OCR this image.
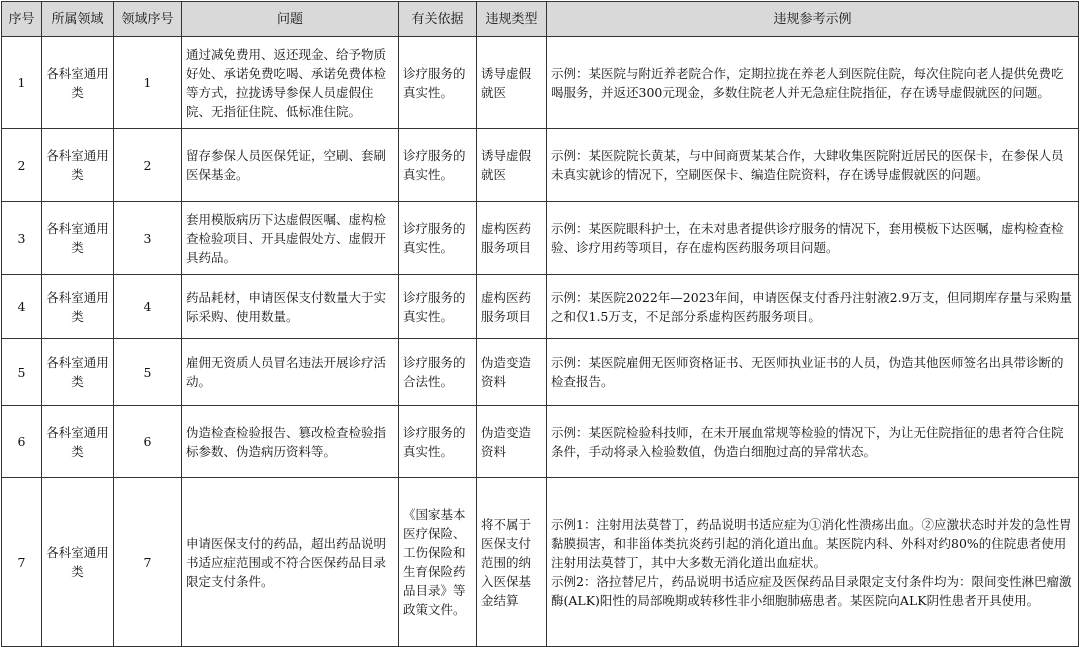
序号	所属领域	领域序号	问题	有关依据	违规类型	违规参考示例
1	各科室通用类	1	通过减免费用、返还现金、给予物质好处、承诺免费吃喝、承诺免费体检等方式，拉拢诱导参保人员虚假住院、无指征住院、低标准住院。	诊疗服务的真实性。	诱导虚假就医	示例：某医院与附近养老院合作，定期拉拢在养老人到医院住院，每次住院向老人提供免费吃喝服务，并返还300元现金，多数住院老人并无急症住院指征，存在诱导虚假就医的问题。
2	各科室通用类	2	留存参保人员医保凭证，空刷、套刷医保基金。	诊疗服务的真实性。	诱导虚假就医	示例：某医院院长黄某，与中间商贾某某合作，大肆收集医院附近居民的医保卡，在参保人员未真实就诊的情况下，空刷医保卡、编造住院资料，存在诱导虚假就医的问题。
3	各科室通用类	3	套用模版病历下达虚假医嘱、虚构检查检验项目、开具虚假处方、虚假开具药品。	诊疗服务的真实性。	虚构医药服务项目	示例：某医院眼科护士，在未对患者提供诊疗服务的情况下，套用模板下达医嘱，虚构检查检验、诊疗用药等项目，存在虚构医药服务项目问题。
4	各科室通用类	4	药品耗材，申请医保支付数量大于实际采购、使用数量。	诊疗服务的真实性。	虚构医药服务项目	示例：某医院2022年—2023年间，申请医保支付香丹注射液2.9万支，但同期库存量与采购量之和仅1.5万支，不足部分系虚构医药服务项目。
5	各科室通用类	5	雇佣无资质人员冒名违法开展诊疗活动。	诊疗服务的合法性。	伪造变造资料	示例：某医院雇佣无医师资格证书、无医师执业证书的人员，伪造其他医师签名出具带诊断的检查报告。
6	各科室通用类	6	伪造检查检验报告、篡改检查检验指标参数、伪造病历资料等。	诊疗服务的真实性。	伪造变造资料	示例：某医院检验科技师，在未开展血常规等检验的情况下，为让无住院指征的患者符合住院条件，手动将录入检验数值，伪造白细胞过高的异常状态。
7	各科室通用类	7	申请医保支付的药品，超出药品说明书适应症范围或不符合医保药品目录限定支付条件。	《国家基本医疗保险、工伤保险和生育保险药品目录》等政策文件。	将不属于医保支付范围的纳入医保基金结算	示例1：注射用法莫替丁，药品说明书适应症为①消化性溃疡出血。②应激状态时并发的急性胃黏膜损害，和非甾体类抗炎药引起的消化道出血。某医院内科、外科对约80%的住院患者使用注射用法莫替丁，其中大多数无消化道出血症状。
示例2：洛拉替尼片，药品说明书适应症及医保药品目录限定支付条件均为：限间变性淋巴瘤激酶(ALK)阳性的局部晚期或转移性非小细胞肺癌患者。某医院向ALK阴性患者开具使用。
